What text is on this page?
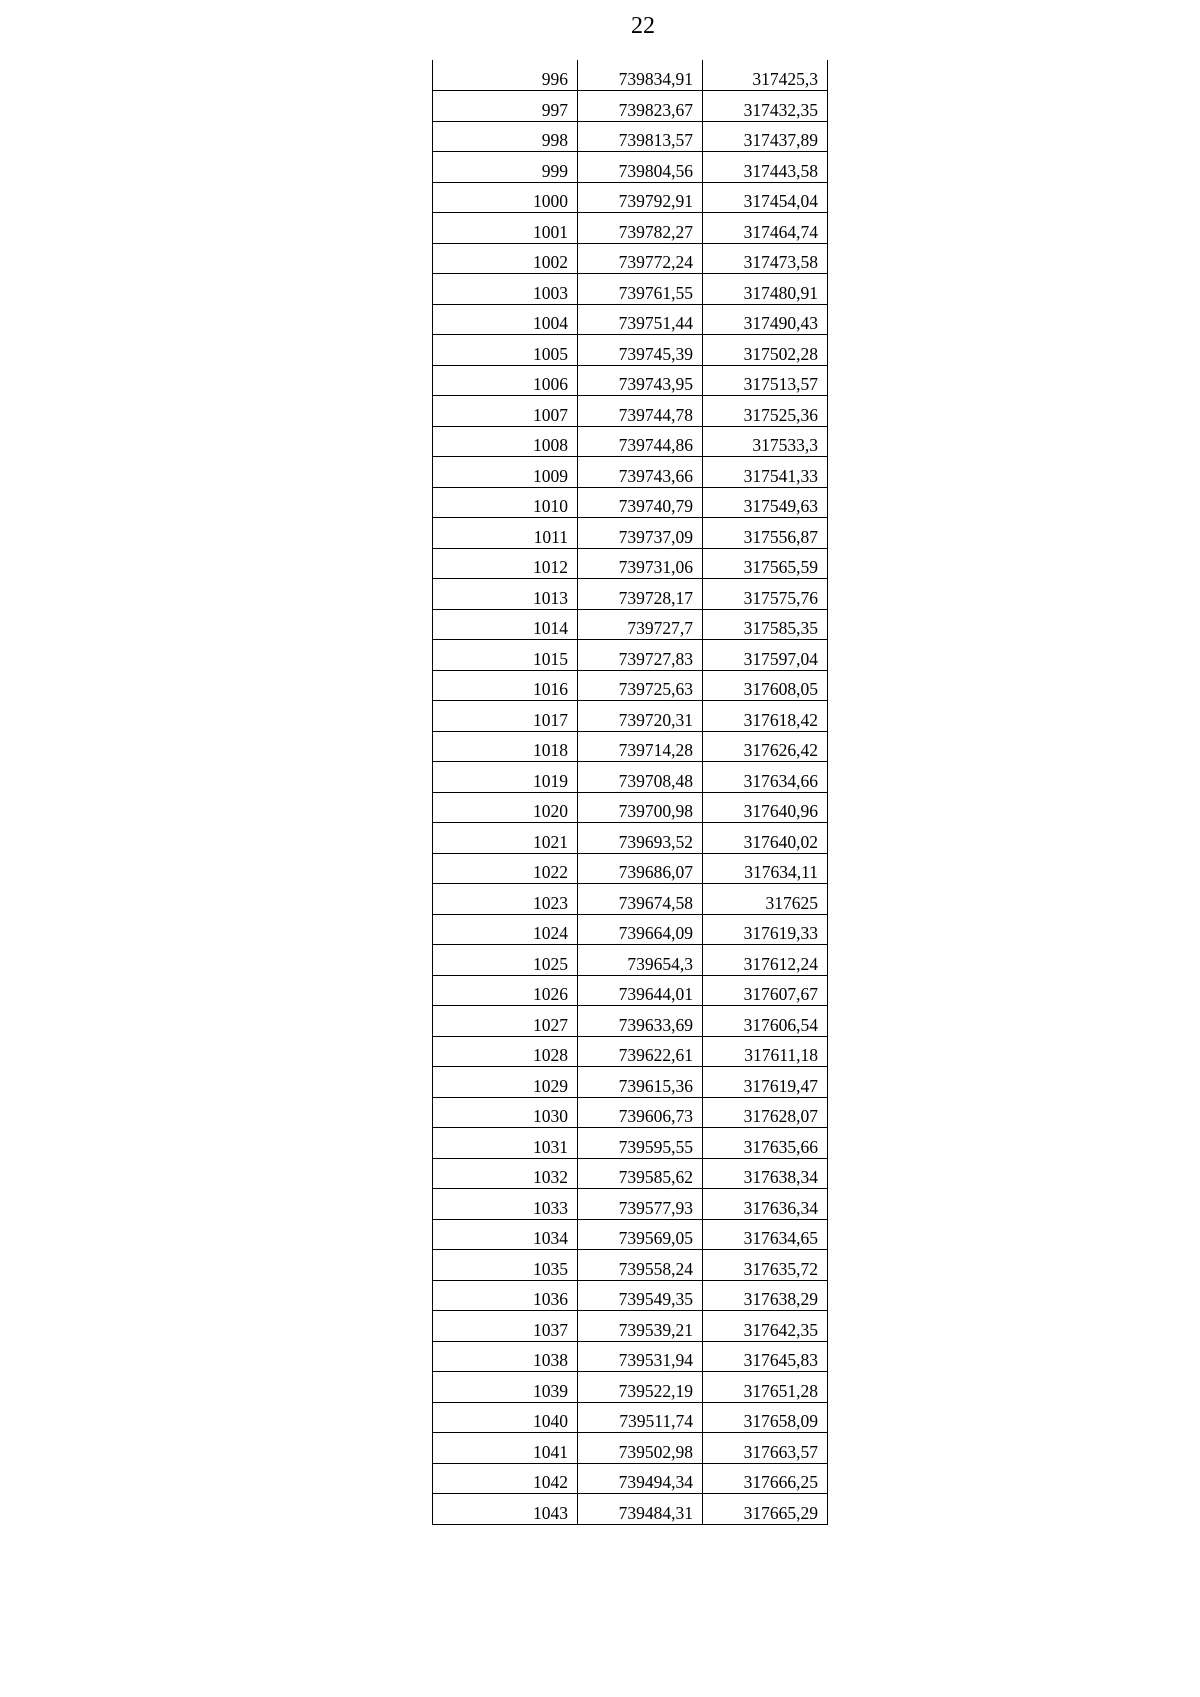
22
996	739834,91	317425,3
997	739823,67	317432,35
998	739813,57	317437,89
999	739804,56	317443,58
1000	739792,91	317454,04
1001	739782,27	317464,74
1002	739772,24	317473,58
1003	739761,55	317480,91
1004	739751,44	317490,43
1005	739745,39	317502,28
1006	739743,95	317513,57
1007	739744,78	317525,36
1008	739744,86	317533,3
1009	739743,66	317541,33
1010	739740,79	317549,63
1011	739737,09	317556,87
1012	739731,06	317565,59
1013	739728,17	317575,76
1014	739727,7	317585,35
1015	739727,83	317597,04
1016	739725,63	317608,05
1017	739720,31	317618,42
1018	739714,28	317626,42
1019	739708,48	317634,66
1020	739700,98	317640,96
1021	739693,52	317640,02
1022	739686,07	317634,11
1023	739674,58	317625
1024	739664,09	317619,33
1025	739654,3	317612,24
1026	739644,01	317607,67
1027	739633,69	317606,54
1028	739622,61	317611,18
1029	739615,36	317619,47
1030	739606,73	317628,07
1031	739595,55	317635,66
1032	739585,62	317638,34
1033	739577,93	317636,34
1034	739569,05	317634,65
1035	739558,24	317635,72
1036	739549,35	317638,29
1037	739539,21	317642,35
1038	739531,94	317645,83
1039	739522,19	317651,28
1040	739511,74	317658,09
1041	739502,98	317663,57
1042	739494,34	317666,25
1043	739484,31	317665,29
